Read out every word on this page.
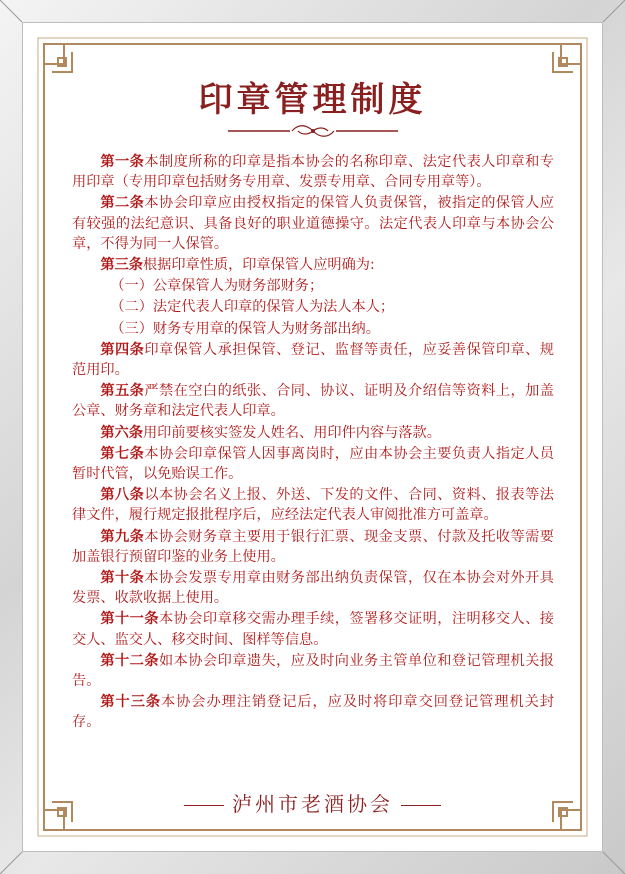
印章管理制度

第一条本制度所称的印章是指本协会的名称印章、法定代表人印章和专用印章（专用印章包括财务专用章、发票专用章、合同专用章等）。

第二条本协会印章应由授权指定的保管人负责保管，被指定的保管人应有较强的法纪意识、具备良好的职业道德操守。法定代表人印章与本协会公章，不得为同一人保管。

第三条根据印章性质，印章保管人应明确为:

（一）公章保管人为财务部财务；

（二）法定代表人印章的保管人为法人本人；

（三）财务专用章的保管人为财务部出纳。

第四条印章保管人承担保管、登记、监督等责任，应妥善保管印章、规范用印。

第五条严禁在空白的纸张、合同、协议、证明及介绍信等资料上，加盖公章、财务章和法定代表人印章。

第六条用印前要核实签发人姓名、用印件内容与落款。

第七条本协会印章保管人因事离岗时，应由本协会主要负责人指定人员暂时代管，以免贻误工作。

第八条以本协会名义上报、外送、下发的文件、合同、资料、报表等法律文件，履行规定报批程序后，应经法定代表人审阅批准方可盖章。

第九条本协会财务章主要用于银行汇票、现金支票、付款及托收等需要加盖银行预留印鉴的业务上使用。

第十条本协会发票专用章由财务部出纳负责保管，仅在本协会对外开具发票、收款收据上使用。

第十一条本协会印章移交需办理手续，签署移交证明，注明移交人、接交人、监交人、移交时间、图样等信息。

第十二条如本协会印章遗失，应及时向业务主管单位和登记管理机关报告。

第十三条本协会办理注销登记后，应及时将印章交回登记管理机关封存。

泸州市老酒协会
